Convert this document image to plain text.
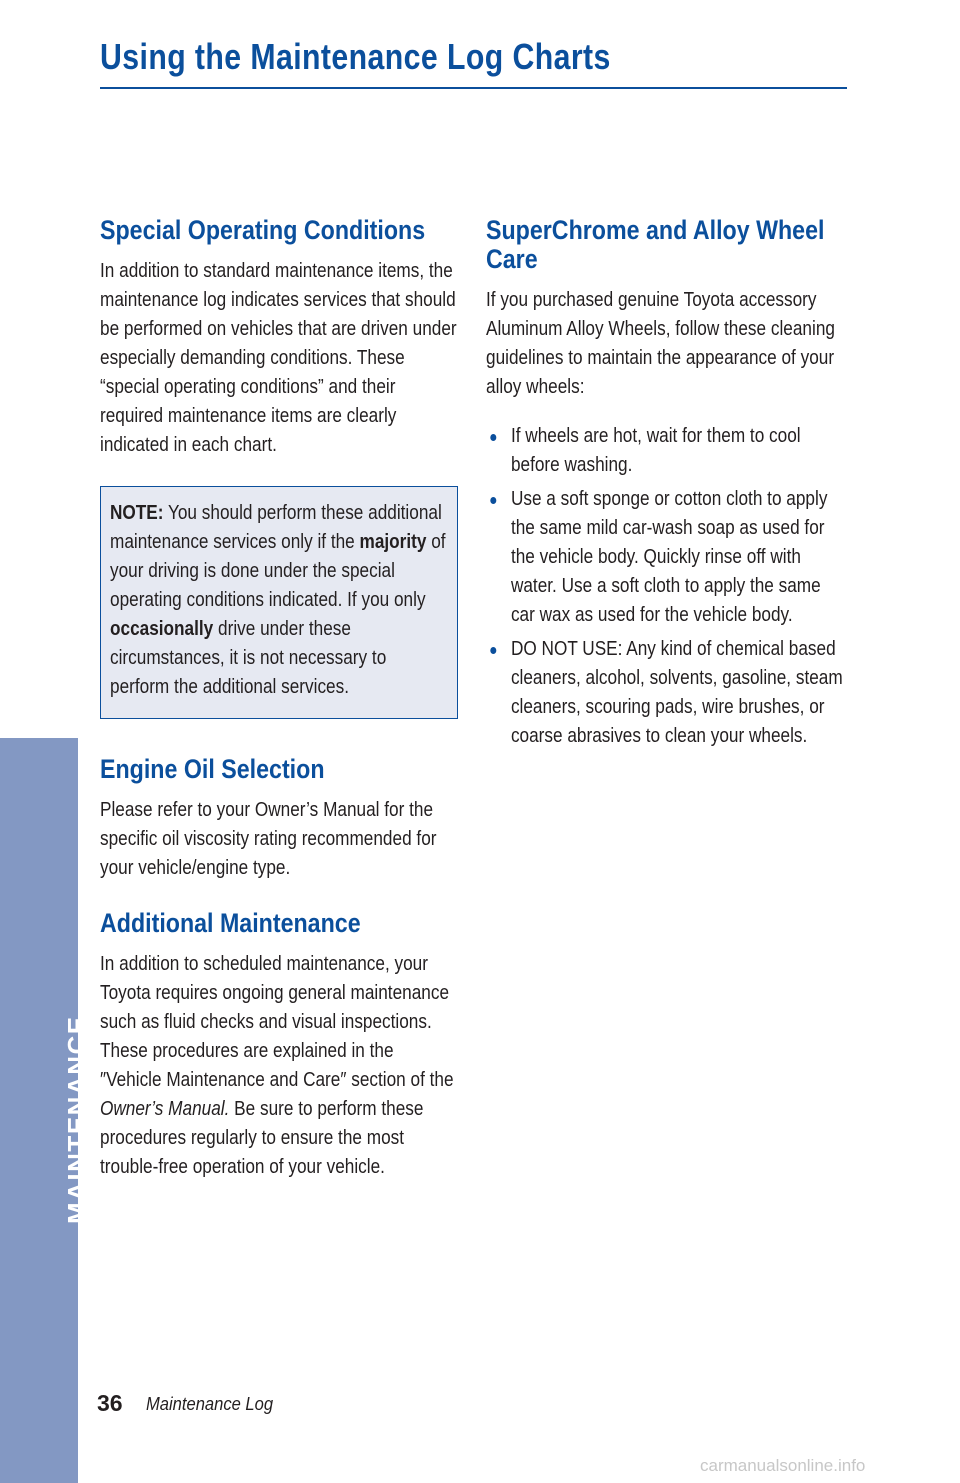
Using the Maintenance Log Charts
Special Operating Conditions

In addition to standard maintenance items, the maintenance log indicates services that should be performed on vehicles that are driven under especially demanding conditions. These “special operating conditions” and their required maintenance items are clearly indicated in each chart.

NOTE: You should perform these additional maintenance services only if the majority of your driving is done under the special operating conditions indicated. If you only occasionally drive under these circumstances, it is not necessary to perform the additional services.

Engine Oil Selection

Please refer to your Owner’s Manual for the specific oil viscosity rating recommended for your vehicle/engine type.

Additional Maintenance

In addition to scheduled maintenance, your Toyota requires ongoing general maintenance such as fluid checks and visual inspections. These procedures are explained in the ″Vehicle Maintenance and Care″ section of the Owner’s Manual. Be sure to perform these procedures regularly to ensure the most trouble-free operation of your vehicle.

SuperChrome and Alloy Wheel Care

If you purchased genuine Toyota accessory Aluminum Alloy Wheels, follow these cleaning guidelines to maintain the appearance of your alloy wheels:

If wheels are hot, wait for them to cool before washing.
Use a soft sponge or cotton cloth to apply the same mild car-wash soap as used for the vehicle body. Quickly rinse off with water. Use a soft cloth to apply the same car wax as used for the vehicle body.
DO NOT USE: Any kind of chemical based cleaners, alcohol, solvents, gasoline, steam cleaners, scouring pads, wire brushes, or coarse abrasives to clean your wheels.
MAINTENANCE
36 Maintenance Log
carmanualsonline.info
